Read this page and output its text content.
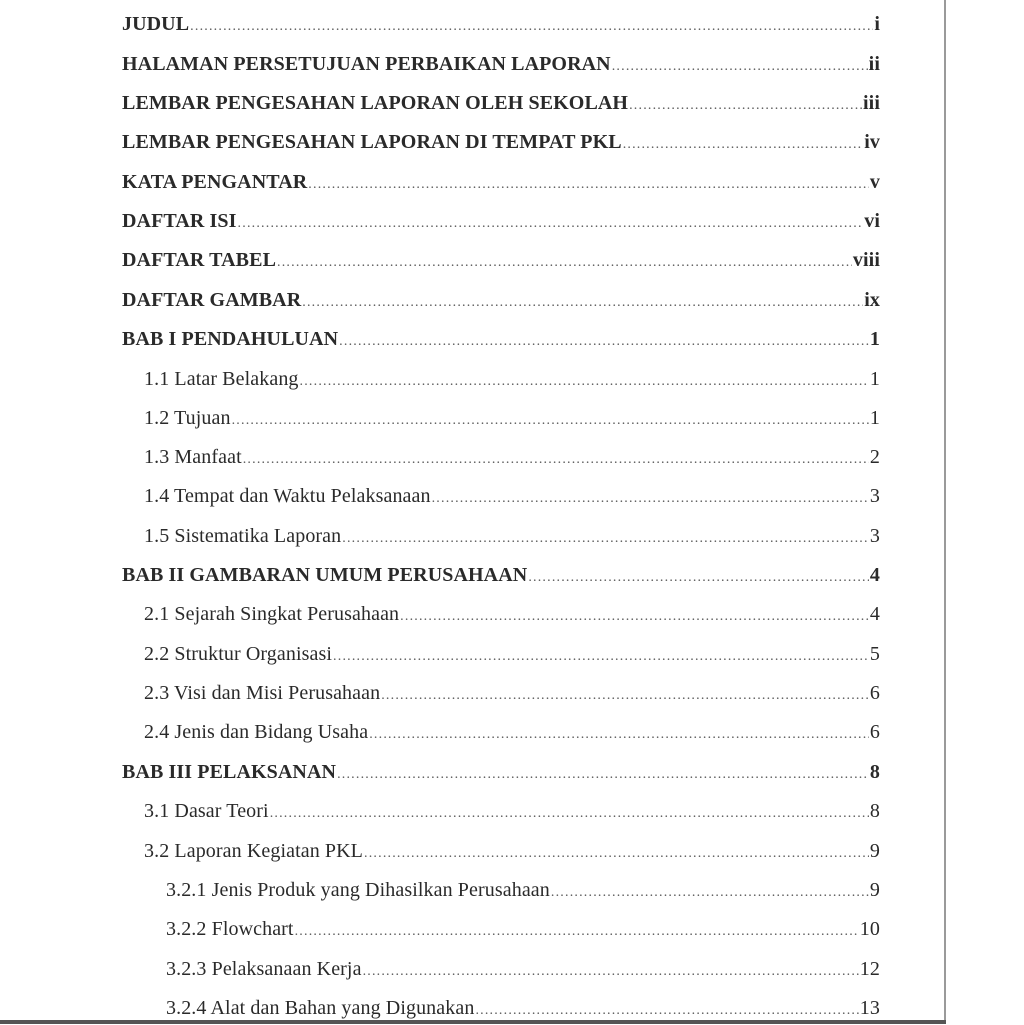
JUDUL .....	i
HALAMAN PERSETUJUAN PERBAIKAN LAPORAN .....	ii
LEMBAR PENGESAHAN LAPORAN OLEH SEKOLAH .....	iii
LEMBAR PENGESAHAN LAPORAN DI TEMPAT PKL .....	iv
KATA PENGANTAR .....	v
DAFTAR ISI .....	vi
DAFTAR TABEL .....	viii
DAFTAR GAMBAR .....	ix
BAB I PENDAHULUAN .....	1
1.1 Latar Belakang .....	1
1.2 Tujuan .....	1
1.3 Manfaat .....	2
1.4 Tempat dan Waktu Pelaksanaan .....	3
1.5 Sistematika Laporan .....	3
BAB II GAMBARAN UMUM PERUSAHAAN .....	4
2.1 Sejarah Singkat Perusahaan .....	4
2.2 Struktur Organisasi .....	5
2.3 Visi dan Misi Perusahaan .....	6
2.4 Jenis dan Bidang Usaha .....	6
BAB III PELAKSANAN .....	8
3.1 Dasar Teori .....	8
3.2 Laporan Kegiatan PKL .....	9
3.2.1 Jenis Produk yang Dihasilkan Perusahaan .....	9
3.2.2 Flowchart .....	10
3.2.3 Pelaksanaan Kerja .....	12
3.2.4 Alat dan Bahan yang Digunakan .....	13
